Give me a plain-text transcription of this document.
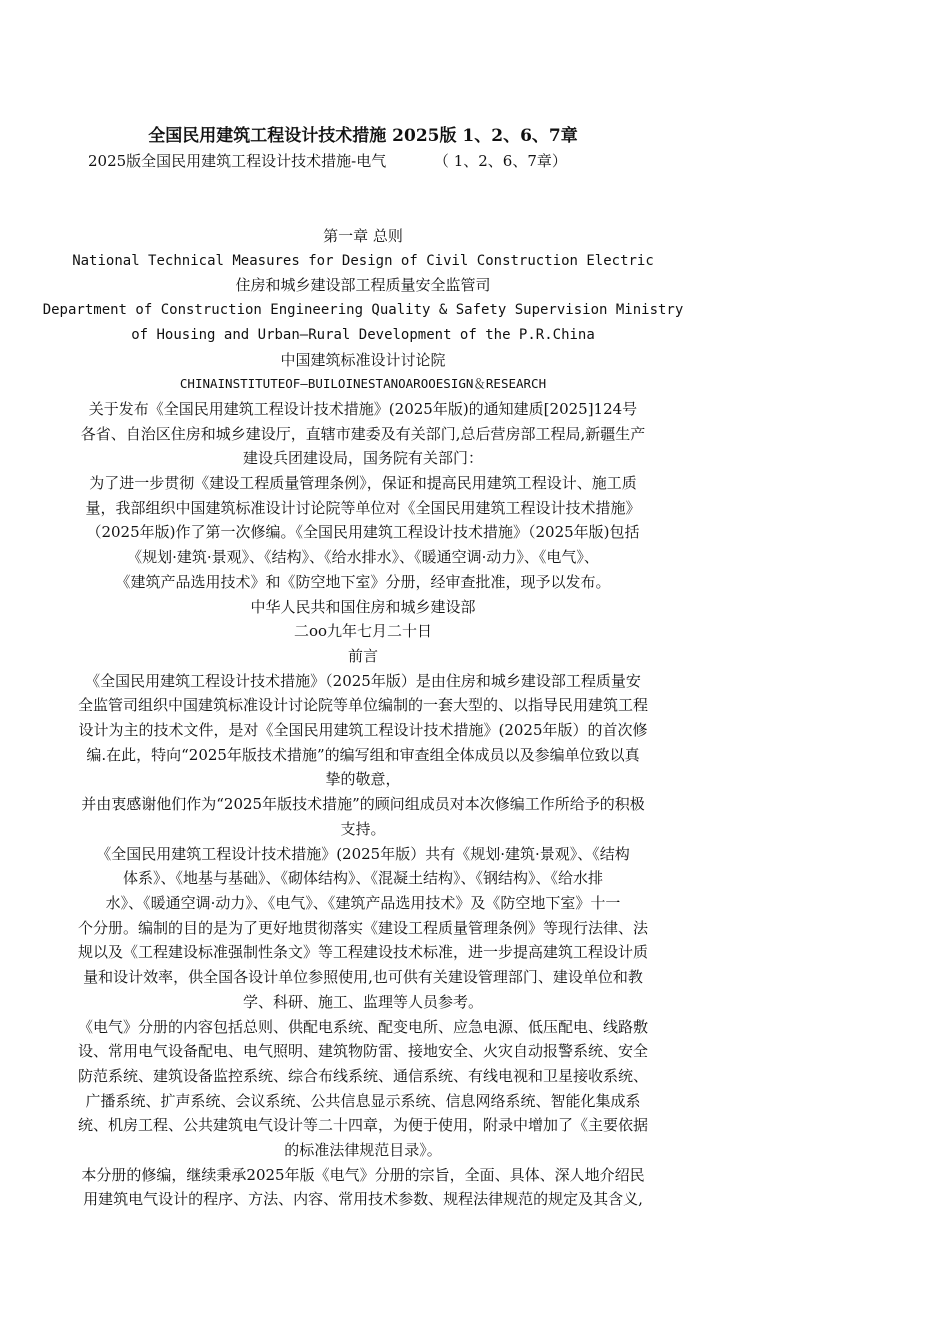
全国民用建筑工程设计技术措施 2025版 1、2、6、7章
2025版全国民用建筑工程设计技术措施-电气          （ 1、2、6、7章）
第一章 总则
National Technical Measures for Design of Civil Construction Electric
住房和城乡建设部工程质量安全监管司
Department of Construction Engineering Quality & Safety Supervision Ministry
of Housing and Urban—Rural Development of the P.R.China
中国建筑标准设计讨论院
CHINAINSTITUTEOF—BUILOINESTANOAROOESIGN＆RESEARCH
关于发布《全国民用建筑工程设计技术措施》(2025年版)的通知建质[2025]124号
各省、自治区住房和城乡建设厅，直辖市建委及有关部门,总后营房部工程局,新疆生产
建设兵团建设局，国务院有关部门：
为了进一步贯彻《建设工程质量管理条例》，保证和提高民用建筑工程设计、施工质
量，我部组织中国建筑标准设计讨论院等单位对《全国民用建筑工程设计技术措施》
（2025年版)作了第一次修编。《全国民用建筑工程设计技术措施》（2025年版)包括
《规划·建筑·景观》、《结构》、《给水排水》、《暖通空调·动力》、《电气》、
《建筑产品选用技术》和《防空地下室》分册，经审查批准，现予以发布。
中华人民共和国住房和城乡建设部
二oo九年七月二十日
前言
《全国民用建筑工程设计技术措施》（2025年版）是由住房和城乡建设部工程质量安
全监管司组织中国建筑标准设计讨论院等单位编制的一套大型的、以指导民用建筑工程
设计为主的技术文件，是对《全国民用建筑工程设计技术措施》(2025年版）的首次修
编.在此，特向“2025年版技术措施”的编写组和审查组全体成员以及参编单位致以真
挚的敬意，
并由衷感谢他们作为“2025年版技术措施”的顾问组成员对本次修编工作所给予的积极
支持。
《全国民用建筑工程设计技术措施》(2025年版）共有《规划·建筑·景观》、《结构
体系》、《地基与基础》、《砌体结构》、《混凝土结构》、《钢结构》、《给水排
水》、《暖通空调·动力》、《电气》、《建筑产品选用技术》及《防空地下室》十一
个分册。编制的目的是为了更好地贯彻落实《建设工程质量管理条例》等现行法律、法
规以及《工程建设标准强制性条文》等工程建设技术标准，进一步提高建筑工程设计质
量和设计效率，供全国各设计单位参照使用,也可供有关建设管理部门、建设单位和教
学、科研、施工、监理等人员参考。
《电气》分册的内容包括总则、供配电系统、配变电所、应急电源、低压配电、线路敷
设、常用电气设备配电、电气照明、建筑物防雷、接地安全、火灾自动报警系统、安全
防范系统、建筑设备监控系统、综合布线系统、通信系统、有线电视和卫星接收系统、
广播系统、扩声系统、会议系统、公共信息显示系统、信息网络系统、智能化集成系
统、机房工程、公共建筑电气设计等二十四章，为便于使用，附录中增加了《主要依据
的标准法律规范目录》。
本分册的修编，继续秉承2025年版《电气》分册的宗旨，全面、具体、深人地介绍民
用建筑电气设计的程序、方法、内容、常用技术参数、规程法律规范的规定及其含义,
